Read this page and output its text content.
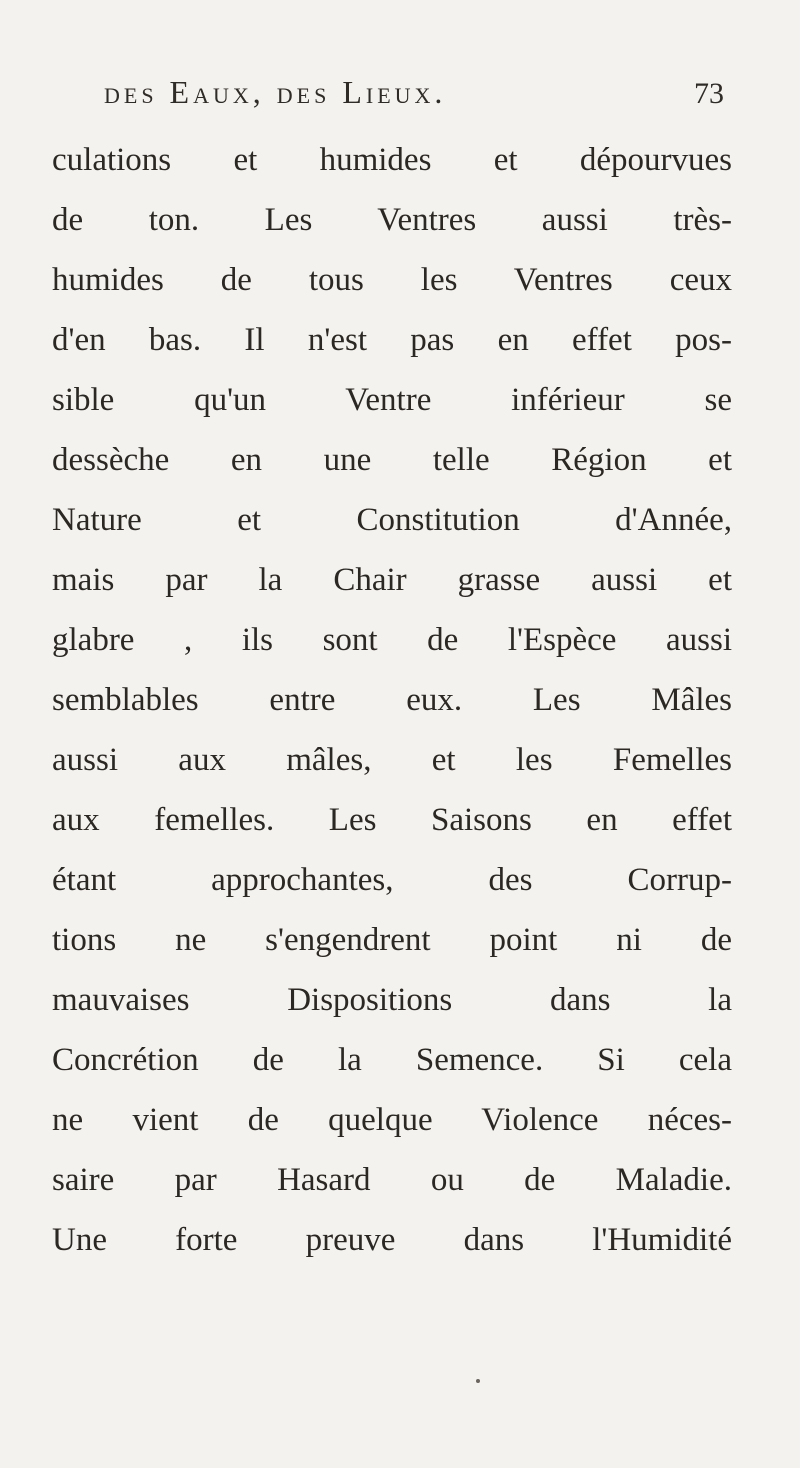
des Eaux, des Lieux.	73
culations et humides et dépourvues
de ton. Les Ventres aussi très-
humides de tous les Ventres ceux
d'en bas. Il n'est pas en effet pos-
sible qu'un Ventre inférieur se
dessèche en une telle Région et
Nature et Constitution d'Année,
mais par la Chair grasse aussi et
glabre , ils sont de l'Espèce aussi
semblables entre eux. Les Mâles
aussi aux mâles, et les Femelles
aux femelles. Les Saisons en effet
étant approchantes, des Corrup-
tions ne s'engendrent point ni de
mauvaises Dispositions dans la
Concrétion de la Semence. Si cela
ne vient de quelque Violence néces-
saire par Hasard ou de Maladie.
Une forte preuve dans l'Humidité
